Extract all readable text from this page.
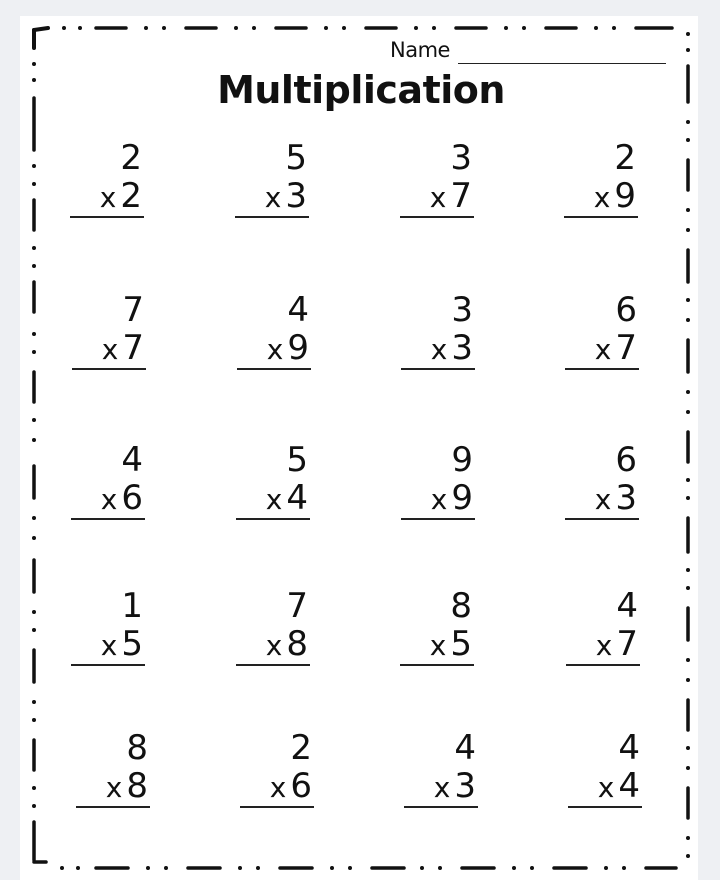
Name
Multiplication
2
x 2
5
x 3
3
x 7
2
x 9
7
x 7
4
x 9
3
x 3
6
x 7
4
x 6
5
x 4
9
x 9
6
x 3
1
x 5
7
x 8
8
x 5
4
x 7
8
x 8
2
x 6
4
x 3
4
x 4
